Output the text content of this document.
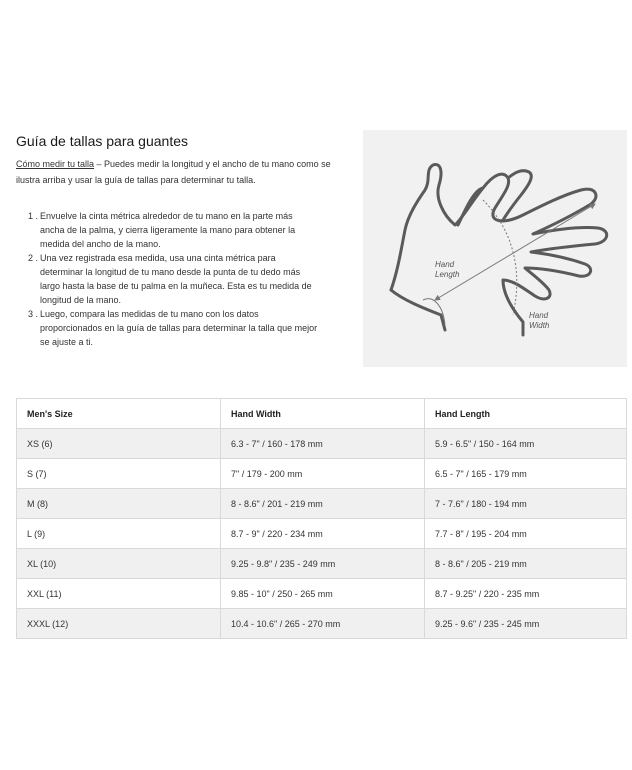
Guía de tallas para guantes
Cómo medir tu talla – Puedes medir la longitud y el ancho de tu mano como se ilustra arriba y usar la guía de tallas para determinar tu talla.
1 . Envuelve la cinta métrica alrededor de tu mano en la parte más ancha de la palma, y cierra ligeramente la mano para obtener la medida del ancho de la mano.
2 . Una vez registrada esa medida, usa una cinta métrica para determinar la longitud de tu mano desde la punta de tu dedo más largo hasta la base de tu palma en la muñeca. Esta es tu medida de longitud de la mano.
3 . Luego, compara las medidas de tu mano con los datos proporcionados en la guía de tallas para determinar la talla que mejor se ajuste a ti.
Hand
Length
Hand
Width
Men's Size	Hand Width	Hand Length
XS (6)	6.3 - 7" / 160 - 178 mm	5.9 - 6.5" / 150 - 164 mm
S (7)	7" / 179 - 200 mm	6.5 - 7" / 165 - 179 mm
M (8)	8 - 8.6" / 201 - 219 mm	7 - 7.6" / 180 - 194 mm
L (9)	8.7 - 9" / 220 - 234 mm	7.7 - 8" / 195 - 204 mm
XL (10)	9.25 - 9.8" / 235 - 249 mm	8 - 8.6" / 205 - 219 mm
XXL (11)	9.85 - 10" / 250 - 265 mm	8.7 - 9.25" / 220 - 235 mm
XXXL (12)	10.4 - 10.6" / 265 - 270 mm	9.25 - 9.6" / 235 - 245 mm
